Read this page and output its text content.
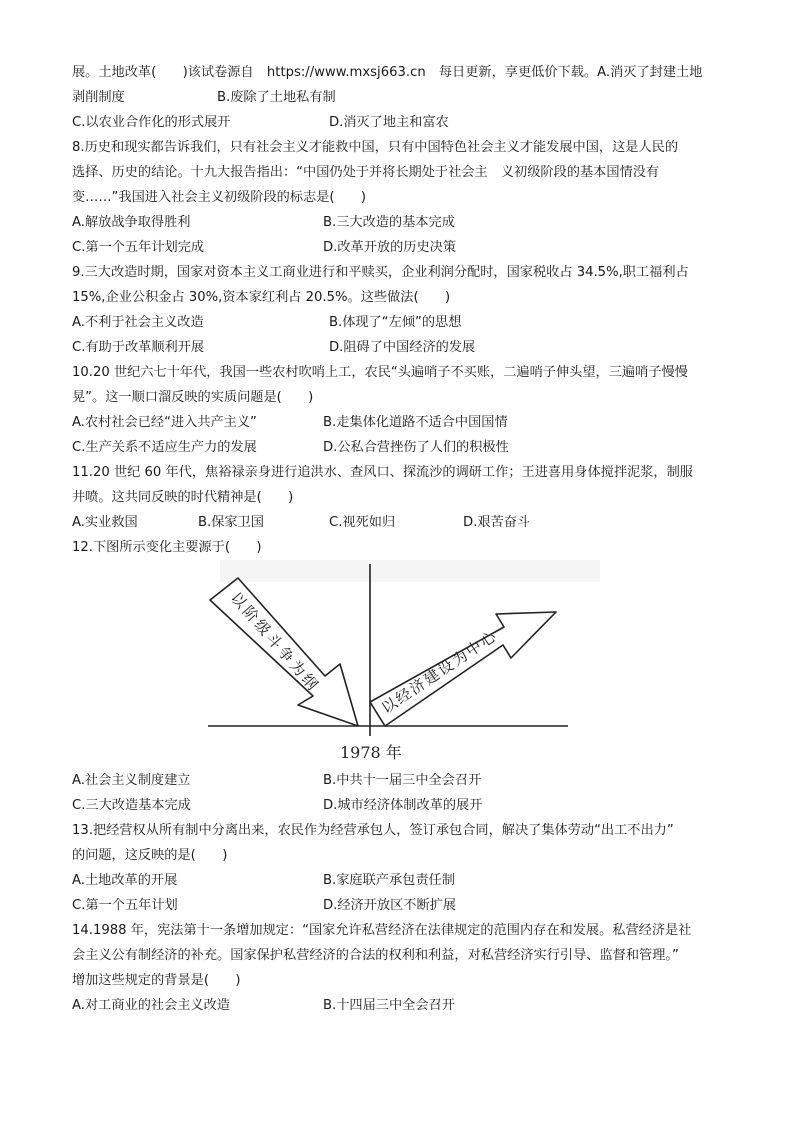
展。土地改革(　　)该试卷源自　https://www.mxsj663.cn　每日更新，享更低价下载。A.消灭了封建土地
剥削制度	B.废除了土地私有制
C.以农业合作化的形式展开	D.消灭了地主和富农
8.历史和现实都告诉我们，只有社会主义才能救中国，只有中国特色社会主义才能发展中国，这是人民的
选择、历史的结论。十九大报告指出：“中国仍处于并将长期处于社会主　义初级阶段的基本国情没有
变……”我国进入社会主义初级阶段的标志是(　　)
A.解放战争取得胜利	B.三大改造的基本完成
C.第一个五年计划完成	D.改革开放的历史决策
9.三大改造时期，国家对资本主义工商业进行和平赎买，企业利润分配时，国家税收占 34.5%,职工福利占
15%,企业公积金占 30%,资本家红利占 20.5%。这些做法(　　)
A.不利于社会主义改造	B.体现了“左倾”的思想
C.有助于改革顺利开展	D.阻碍了中国经济的发展
10.20 世纪六七十年代，我国一些农村吹哨上工，农民“头遍哨子不买账，二遍哨子伸头望，三遍哨子慢慢
晃”。这一顺口溜反映的实质问题是(　　)
A.农村社会已经“进入共产主义”	B.走集体化道路不适合中国国情
C.生产关系不适应生产力的发展	D.公私合营挫伤了人们的积极性
11.20 世纪 60 年代，焦裕禄亲身进行追洪水、查风口、探流沙的调研工作；王进喜用身体搅拌泥浆，制服
井喷。这共同反映的时代精神是(　　)
A.实业救国	B.保家卫国	C.视死如归	D.艰苦奋斗
12.下图所示变化主要源于(　　)
以阶级斗争为纲	以经济建设为中心
1978 年
A.社会主义制度建立	B.中共十一届三中全会召开
C.三大改造基本完成	D.城市经济体制改革的展开
13.把经营权从所有制中分离出来，农民作为经营承包人，签订承包合同，解决了集体劳动“出工不出力”
的问题，这反映的是(　　)
A.土地改革的开展	B.家庭联产承包责任制
C.第一个五年计划	D.经济开放区不断扩展
14.1988 年，宪法第十一条增加规定：“国家允许私营经济在法律规定的范围内存在和发展。私营经济是社
会主义公有制经济的补充。国家保护私营经济的合法的权利和利益，对私营经济实行引导、监督和管理。”
增加这些规定的背景是(　　)
A.对工商业的社会主义改造	B.十四届三中全会召开
